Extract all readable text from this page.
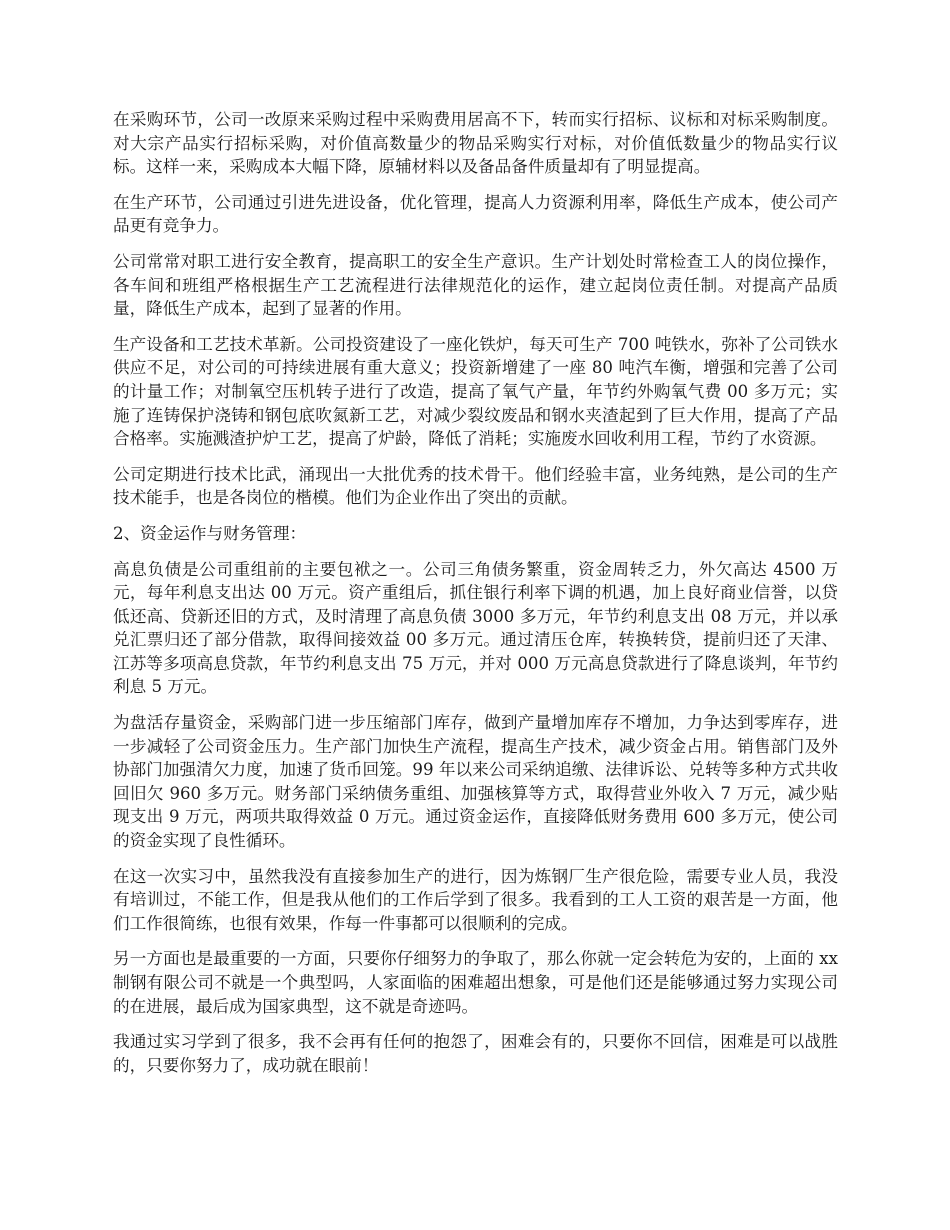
在采购环节，公司一改原来采购过程中采购费用居高不下，转而实行招标、议标和对标采购制度。对大宗产品实行招标采购，对价值高数量少的物品采购实行对标，对价值低数量少的物品实行议标。这样一来，采购成本大幅下降，原辅材料以及备品备件质量却有了明显提高。

在生产环节，公司通过引进先进设备，优化管理，提高人力资源利用率，降低生产成本，使公司产品更有竞争力。

公司常常对职工进行安全教育，提高职工的安全生产意识。生产计划处时常检查工人的岗位操作，各车间和班组严格根据生产工艺流程进行法律规范化的运作，建立起岗位责任制。对提高产品质量，降低生产成本，起到了显著的作用。

生产设备和工艺技术革新。公司投资建设了一座化铁炉，每天可生产 700 吨铁水，弥补了公司铁水供应不足，对公司的可持续进展有重大意义；投资新增建了一座 80 吨汽车衡，增强和完善了公司的计量工作；对制氧空压机转子进行了改造，提高了氧气产量，年节约外购氧气费 00 多万元；实施了连铸保护浇铸和钢包底吹氮新工艺，对减少裂纹废品和钢水夹渣起到了巨大作用，提高了产品合格率。实施溅渣护炉工艺，提高了炉龄，降低了消耗；实施废水回收利用工程，节约了水资源。

公司定期进行技术比武，涌现出一大批优秀的技术骨干。他们经验丰富，业务纯熟，是公司的生产技术能手，也是各岗位的楷模。他们为企业作出了突出的贡献。

2、资金运作与财务管理：

高息负债是公司重组前的主要包袱之一。公司三角债务繁重，资金周转乏力，外欠高达 4500 万元，每年利息支出达 00 万元。资产重组后，抓住银行利率下调的机遇，加上良好商业信誉，以贷低还高、贷新还旧的方式，及时清理了高息负债 3000 多万元，年节约利息支出 08 万元，并以承兑汇票归还了部分借款，取得间接效益 00 多万元。通过清压仓库，转换转贷，提前归还了天津、江苏等多项高息贷款，年节约利息支出 75 万元，并对 000 万元高息贷款进行了降息谈判，年节约利息 5 万元。

为盘活存量资金，采购部门进一步压缩部门库存，做到产量增加库存不增加，力争达到零库存，进一步减轻了公司资金压力。生产部门加快生产流程，提高生产技术，减少资金占用。销售部门及外协部门加强清欠力度，加速了货币回笼。99 年以来公司采纳追缴、法律诉讼、兑转等多种方式共收回旧欠 960 多万元。财务部门采纳债务重组、加强核算等方式，取得营业外收入 7 万元，减少贴现支出 9 万元，两项共取得效益 0 万元。通过资金运作，直接降低财务费用 600 多万元，使公司的资金实现了良性循环。

在这一次实习中，虽然我没有直接参加生产的进行，因为炼钢厂生产很危险，需要专业人员，我没有培训过，不能工作，但是我从他们的工作后学到了很多。我看到的工人工资的艰苦是一方面，他们工作很简练，也很有效果，作每一件事都可以很顺利的完成。

另一方面也是最重要的一方面，只要你仔细努力的争取了，那么你就一定会转危为安的，上面的 xx 制钢有限公司不就是一个典型吗，人家面临的困难超出想象，可是他们还是能够通过努力实现公司的在进展，最后成为国家典型，这不就是奇迹吗。

我通过实习学到了很多，我不会再有任何的抱怨了，困难会有的，只要你不回信，困难是可以战胜的，只要你努力了，成功就在眼前！
